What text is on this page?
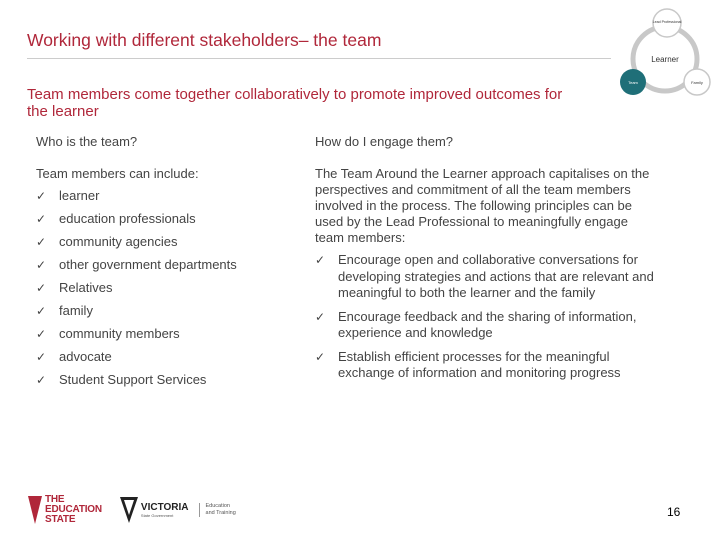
Working with different stakeholders– the team

Team members come together collaboratively to promote improved outcomes for the learner

Learner
Lead Professional
Team	Family

Who is the team?

Team members can include:

✓ learner
✓ education professionals
✓ community agencies
✓ other government departments
✓ Relatives
✓ family
✓ community members
✓ advocate
✓ Student Support Services

How do I engage them?

The Team Around the Learner approach capitalises on the perspectives and commitment of all the team members involved in the process. The following principles can be used by the Lead Professional to meaningfully engage team members:

✓ Encourage open and collaborative conversations for developing strategies and actions that are relevant and meaningful to both the learner and the family
✓ Encourage feedback and the sharing of information, experience and knowledge
✓ Establish efficient processes for the meaningful exchange of information and monitoring progress
THE
EDUCATION
STATE
VICTORIA
State Government
Education
and Training	16
